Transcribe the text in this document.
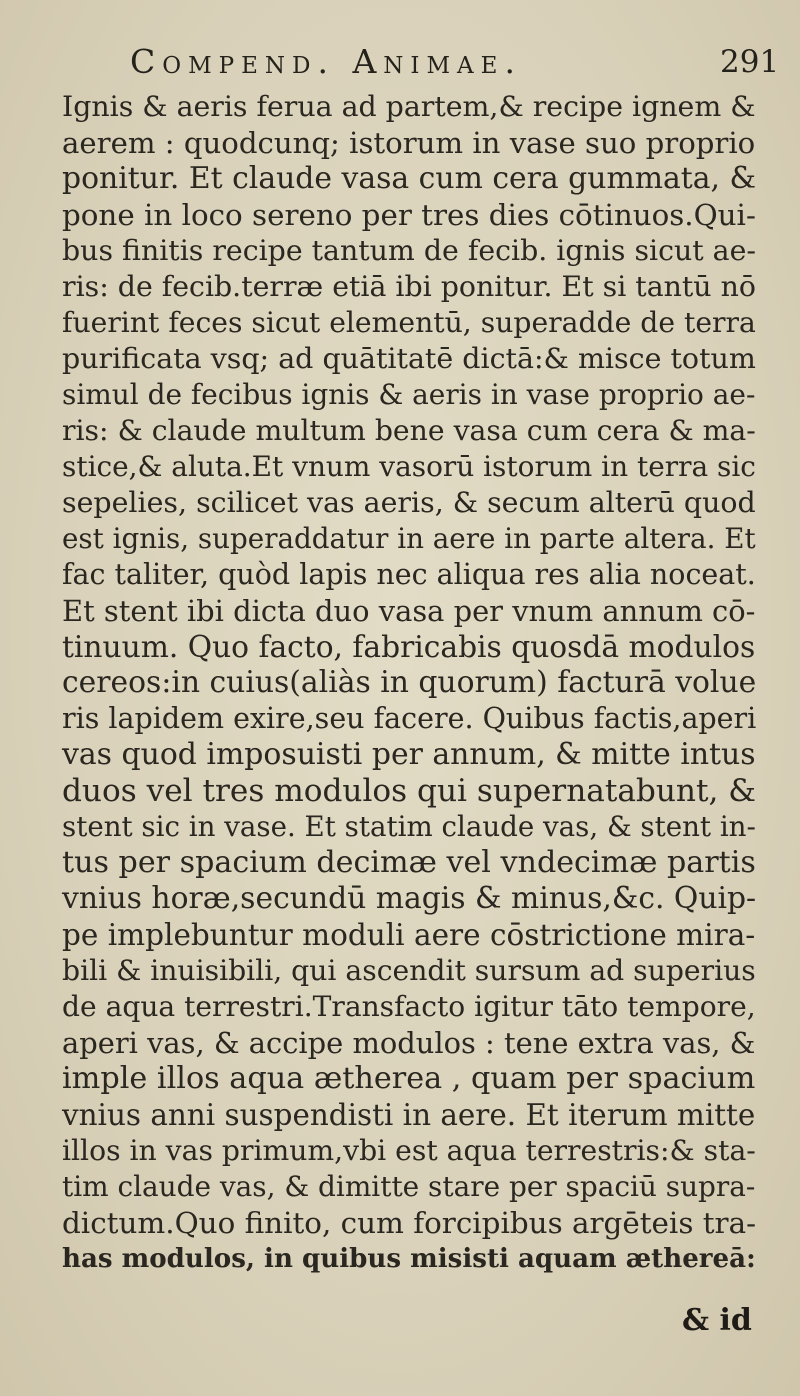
Compend. Animae.	291
Ignis & aeris ferua ad partem,& recipe ignem &
aerem : quodcunq; istorum in vase suo proprio
ponitur. Et claude vasa cum cera gummata, &
pone in loco sereno per tres dies cōtinuos.Qui-
bus finitis recipe tantum de fecib. ignis sicut ae-
ris: de fecib.terræ etiā ibi ponitur. Et si tantū nō
fuerint feces sicut elementū, superadde de terra
purificata vsq; ad quātitatē dictā:& misce totum
simul de fecibus ignis & aeris in vase proprio ae-
ris: & claude multum bene vasa cum cera & ma-
stice,& aluta.Et vnum vasorū istorum in terra sic
sepelies, scilicet vas aeris, & secum alterū quod
est ignis, superaddatur in aere in parte altera. Et
fac taliter, quòd lapis nec aliqua res alia noceat.
Et stent ibi dicta duo vasa per vnum annum cō-
tinuum. Quo facto, fabricabis quosdā modulos
cereos:in cuius(aliàs in quorum) facturā volue
ris lapidem exire,seu facere. Quibus factis,aperi
vas quod imposuisti per annum, & mitte intus
duos vel tres modulos qui supernatabunt, &
stent sic in vase. Et statim claude vas, & stent in-
tus per spacium decimæ vel vndecimæ partis
vnius horæ,secundū magis & minus,&c. Quip-
pe implebuntur moduli aere cōstrictione mira-
bili & inuisibili, qui ascendit sursum ad superius
de aqua terrestri.Transfacto igitur tāto tempore,
aperi vas, & accipe modulos : tene extra vas, &
imple illos aqua ætherea , quam per spacium
vnius anni suspendisti in aere. Et iterum mitte
illos in vas primum,vbi est aqua terrestris:& sta-
tim claude vas, & dimitte stare per spaciū supra-
dictum.Quo finito, cum forcipibus argēteis tra-
has modulos, in quibus misisti aquam æthereā:
& id
